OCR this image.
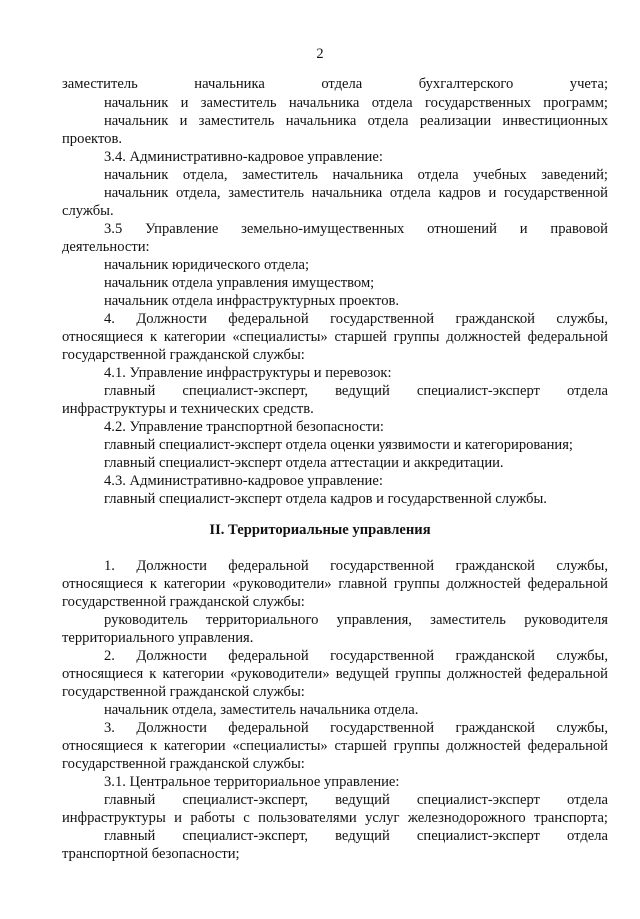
2
заместитель начальника отдела бухгалтерского учета;
начальник и заместитель начальника отдела государственных программ;
начальник и заместитель начальника отдела реализации инвестиционных
проектов.
3.4. Административно-кадровое управление:
начальник отдела, заместитель начальника отдела учебных заведений;
начальник отдела, заместитель начальника отдела кадров и государственной
службы.
3.5 Управление земельно-имущественных отношений и правовой
деятельности:
начальник юридического отдела;
начальник отдела управления имуществом;
начальник отдела инфраструктурных проектов.
4. Должности федеральной государственной гражданской службы,
относящиеся к категории «специалисты» старшей группы должностей федеральной
государственной гражданской службы:
4.1. Управление инфраструктуры и перевозок:
главный специалист-эксперт, ведущий специалист-эксперт отдела
инфраструктуры и технических средств.
4.2. Управление транспортной безопасности:
главный специалист-эксперт отдела оценки уязвимости и категорирования;
главный специалист-эксперт отдела аттестации и аккредитации.
4.3. Административно-кадровое управление:
главный специалист-эксперт отдела кадров и государственной службы.
II. Территориальные управления
1. Должности федеральной государственной гражданской службы,
относящиеся к категории «руководители» главной группы должностей федеральной
государственной гражданской службы:
руководитель территориального управления, заместитель руководителя
территориального управления.
2. Должности федеральной государственной гражданской службы,
относящиеся к категории «руководители» ведущей группы должностей федеральной
государственной гражданской службы:
начальник отдела, заместитель начальника отдела.
3. Должности федеральной государственной гражданской службы,
относящиеся к категории «специалисты» старшей группы должностей федеральной
государственной гражданской службы:
3.1. Центральное территориальное управление:
главный специалист-эксперт, ведущий специалист-эксперт отдела
инфраструктуры и работы с пользователями услуг железнодорожного транспорта;
главный специалист-эксперт, ведущий специалист-эксперт отдела
транспортной безопасности;
